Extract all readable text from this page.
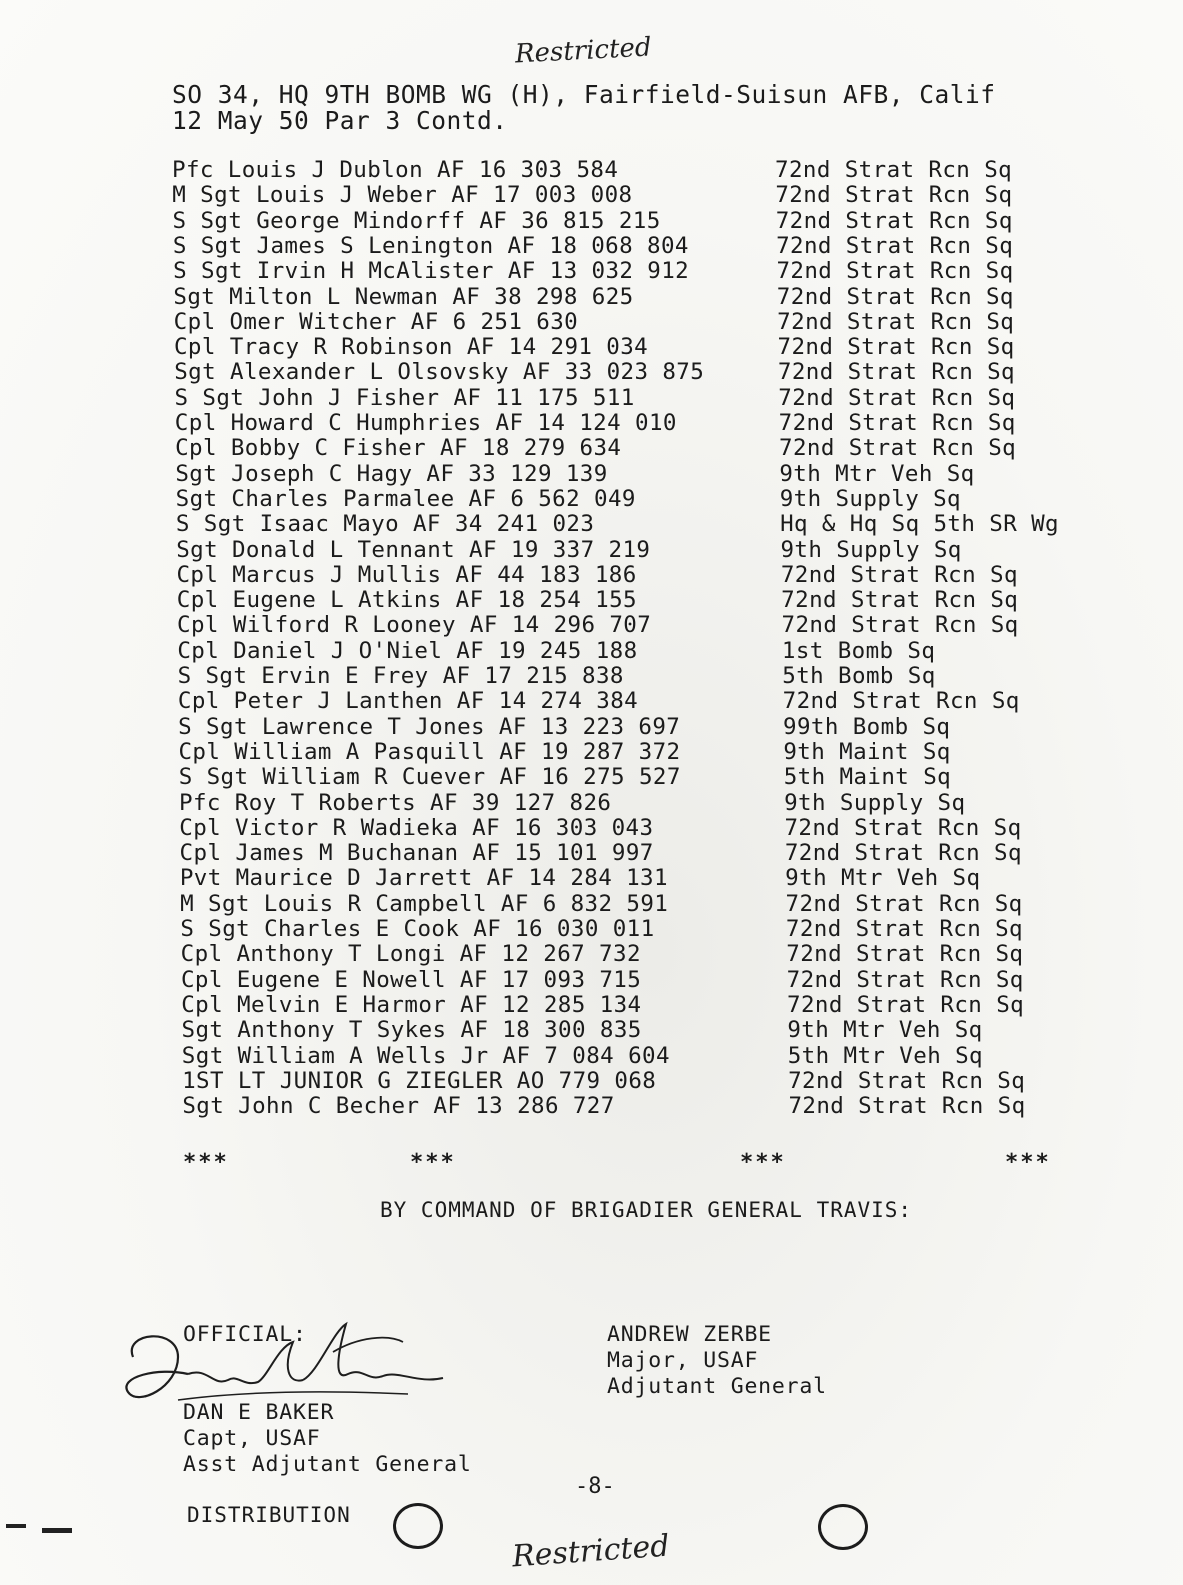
Restricted
SO 34, HQ 9TH BOMB WG (H), Fairfield-Suisun AFB, Calif
12 May 50 Par 3 Contd.
Pfc Louis J Dublon AF 16 303 584	72nd Strat Rcn Sq
M Sgt Louis J Weber AF 17 003 008	72nd Strat Rcn Sq
S Sgt George Mindorff AF 36 815 215	72nd Strat Rcn Sq
S Sgt James S Lenington AF 18 068 804	72nd Strat Rcn Sq
S Sgt Irvin H McAlister AF 13 032 912	72nd Strat Rcn Sq
Sgt Milton L Newman AF 38 298 625	72nd Strat Rcn Sq
Cpl Omer Witcher AF 6 251 630	72nd Strat Rcn Sq
Cpl Tracy R Robinson AF 14 291 034	72nd Strat Rcn Sq
Sgt Alexander L Olsovsky AF 33 023 875	72nd Strat Rcn Sq
S Sgt John J Fisher AF 11 175 511	72nd Strat Rcn Sq
Cpl Howard C Humphries AF 14 124 010	72nd Strat Rcn Sq
Cpl Bobby C Fisher AF 18 279 634	72nd Strat Rcn Sq
Sgt Joseph C Hagy AF 33 129 139	9th Mtr Veh Sq
Sgt Charles Parmalee AF 6 562 049	9th Supply Sq
S Sgt Isaac Mayo AF 34 241 023	Hq & Hq Sq 5th SR Wg
Sgt Donald L Tennant AF 19 337 219	9th Supply Sq
Cpl Marcus J Mullis AF 44 183 186	72nd Strat Rcn Sq
Cpl Eugene L Atkins AF 18 254 155	72nd Strat Rcn Sq
Cpl Wilford R Looney AF 14 296 707	72nd Strat Rcn Sq
Cpl Daniel J O'Niel AF 19 245 188	1st Bomb Sq
S Sgt Ervin E Frey AF 17 215 838	5th Bomb Sq
Cpl Peter J Lanthen AF 14 274 384	72nd Strat Rcn Sq
S Sgt Lawrence T Jones AF 13 223 697	99th Bomb Sq
Cpl William A Pasquill AF 19 287 372	9th Maint Sq
S Sgt William R Cuever AF 16 275 527	5th Maint Sq
Pfc Roy T Roberts AF 39 127 826	9th Supply Sq
Cpl Victor R Wadieka AF 16 303 043	72nd Strat Rcn Sq
Cpl James M Buchanan AF 15 101 997	72nd Strat Rcn Sq
Pvt Maurice D Jarrett AF 14 284 131	9th Mtr Veh Sq
M Sgt Louis R Campbell AF 6 832 591	72nd Strat Rcn Sq
S Sgt Charles E Cook AF 16 030 011	72nd Strat Rcn Sq
Cpl Anthony T Longi AF 12 267 732	72nd Strat Rcn Sq
Cpl Eugene E Nowell AF 17 093 715	72nd Strat Rcn Sq
Cpl Melvin E Harmor AF 12 285 134	72nd Strat Rcn Sq
Sgt Anthony T Sykes AF 18 300 835	9th Mtr Veh Sq
Sgt William A Wells Jr AF 7 084 604	5th Mtr Veh Sq
1ST LT JUNIOR G ZIEGLER AO 779 068	72nd Strat Rcn Sq
Sgt John C Becher AF 13 286 727	72nd Strat Rcn Sq
***	***	***	***
BY COMMAND OF BRIGADIER GENERAL TRAVIS:
OFFICIAL:
DAN E BAKER
Capt, USAF
Asst Adjutant General
ANDREW ZERBE
Major, USAF
Adjutant General
-8-
DISTRIBUTION
Restricted
